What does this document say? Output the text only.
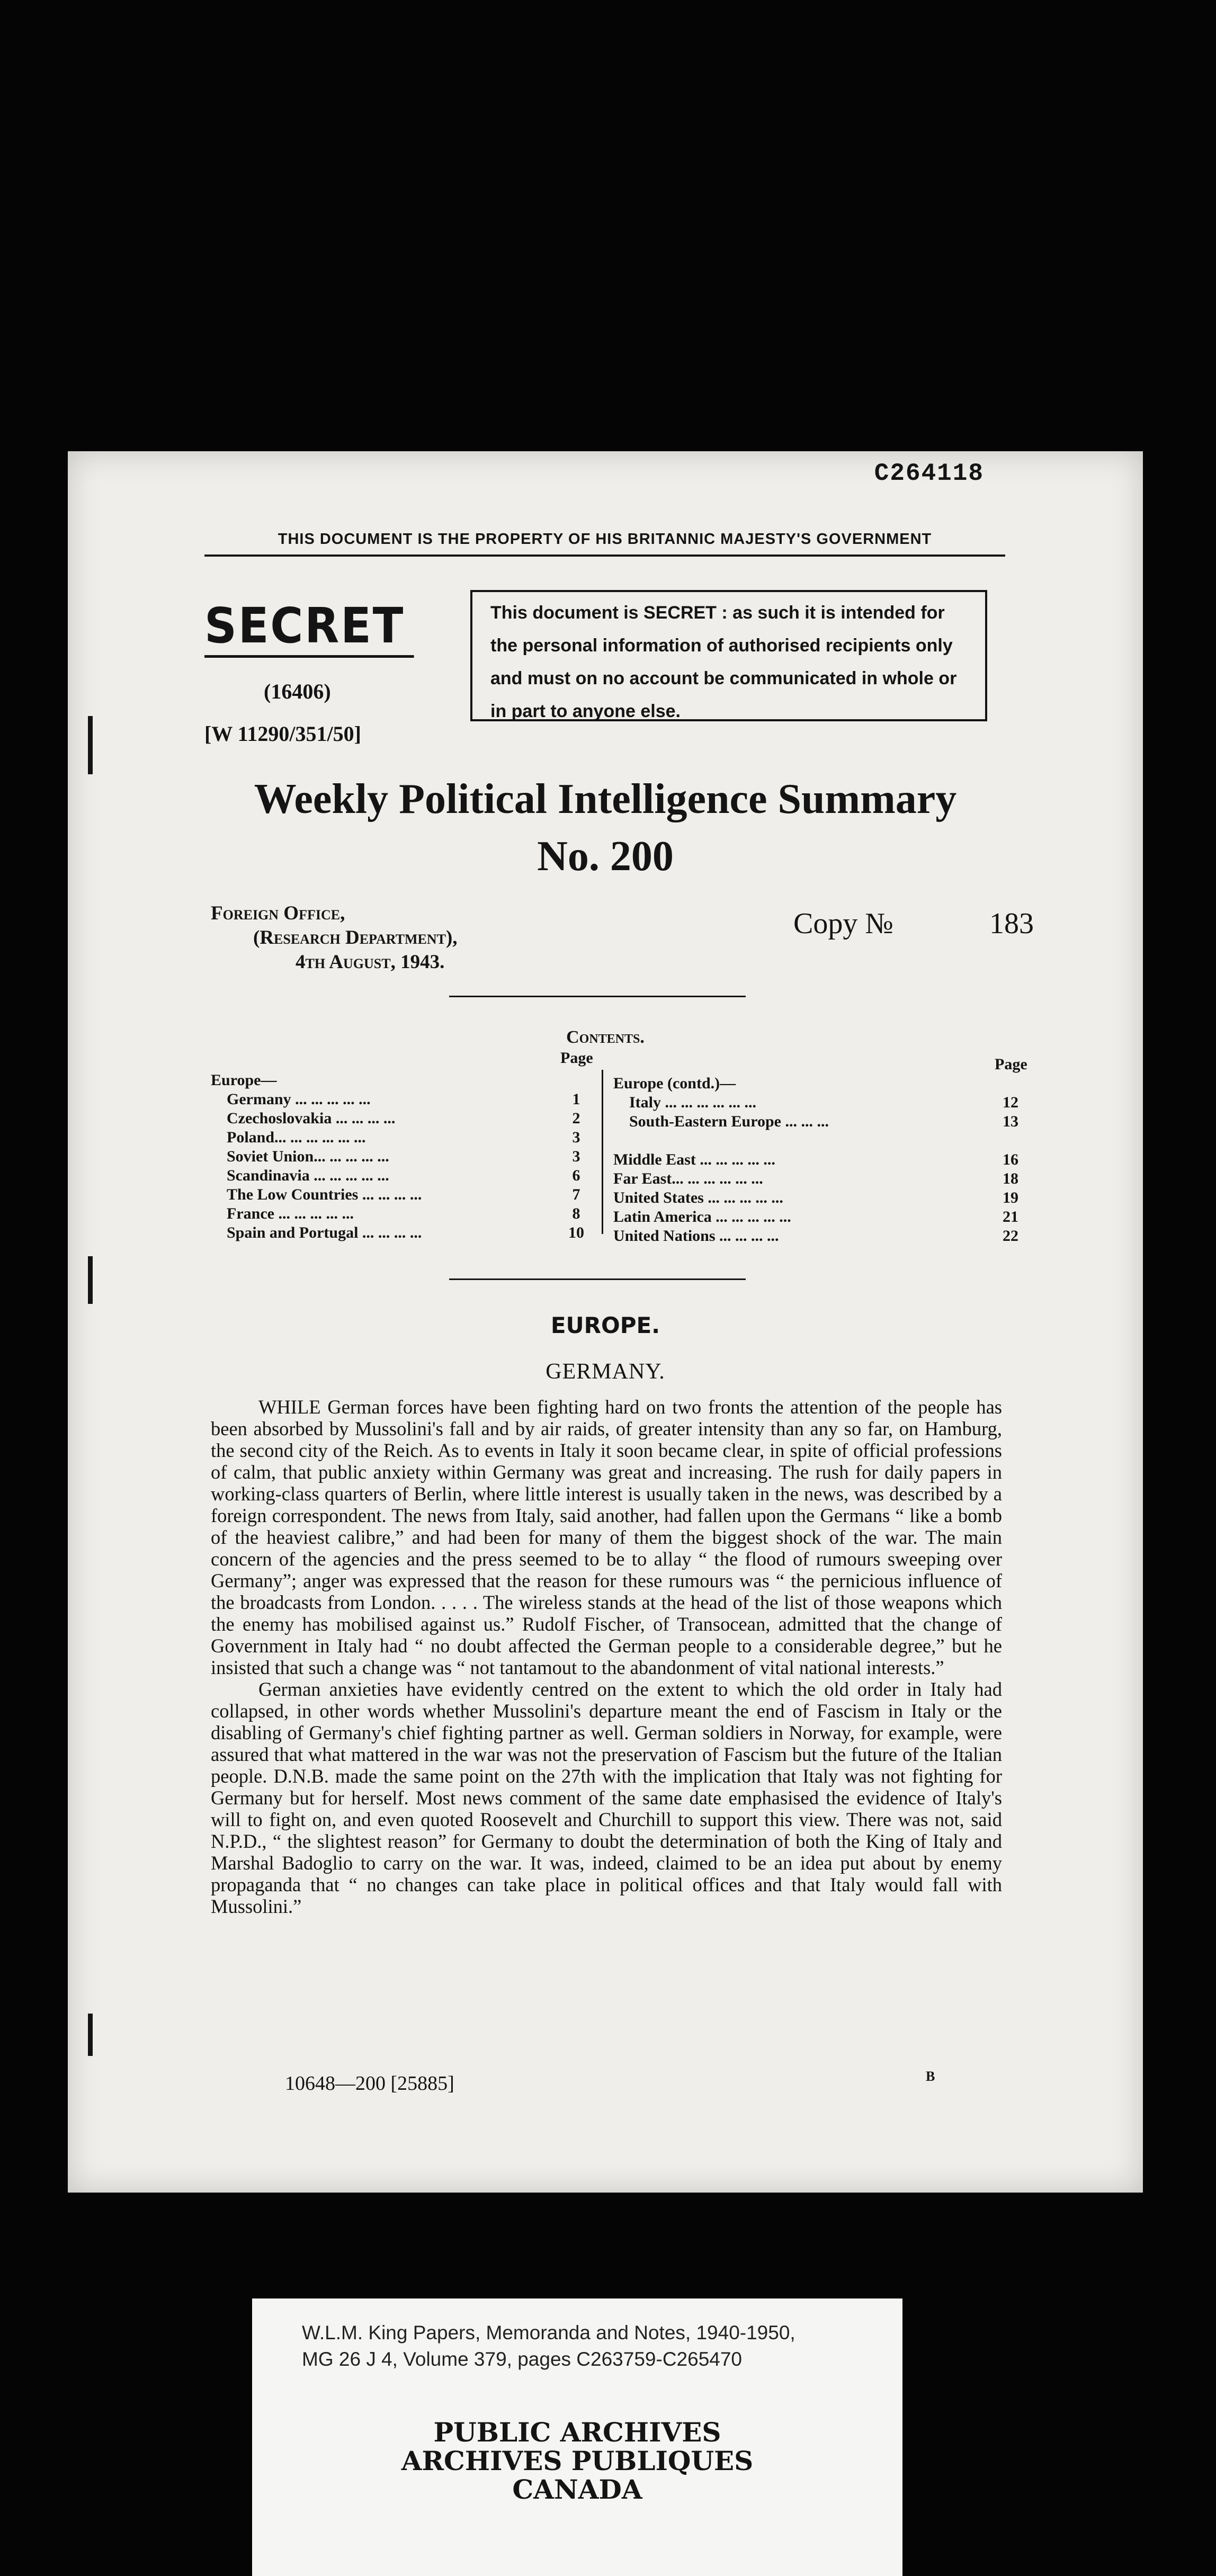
C264118
THIS DOCUMENT IS THE PROPERTY OF HIS BRITANNIC MAJESTY'S GOVERNMENT
SECRET
(16406)
[W 11290/351/50]
This document is SECRET : as such it is intended for the personal information of authorised recipients only and must on no account be communicated in whole or in part to anyone else.
Weekly Political Intelligence Summary
No. 200
Foreign Office,
(Research Department),
4th August, 1943.
Copy №	183
Contents.
Page
Europe—
Germany ... ... ... ... ...	1
Czechoslovakia ... ... ... ...	2
Poland... ... ... ... ... ...	3
Soviet Union... ... ... ... ...	3
Scandinavia ... ... ... ... ...	6
The Low Countries ... ... ... ...	7
France ... ... ... ... ...	8
Spain and Portugal ... ... ... ...	10
Page
Europe (contd.)—
Italy ... ... ... ... ... ...	12
South-Eastern Europe ... ... ...	13
Middle East ... ... ... ... ...	16
Far East... ... ... ... ... ...	18
United States ... ... ... ... ...	19
Latin America ... ... ... ... ...	21
United Nations ... ... ... ...	22
EUROPE.
GERMANY.

WHILE German forces have been fighting hard on two fronts the attention of the people has been absorbed by Mussolini's fall and by air raids, of greater intensity than any so far, on Hamburg, the second city of the Reich. As to events in Italy it soon became clear, in spite of official professions of calm, that public anxiety within Germany was great and increasing. The rush for daily papers in working-class quarters of Berlin, where little interest is usually taken in the news, was described by a foreign correspondent. The news from Italy, said another, had fallen upon the Germans “ like a bomb of the heaviest calibre,” and had been for many of them the biggest shock of the war. The main concern of the agencies and the press seemed to be to allay “ the flood of rumours sweeping over Germany”; anger was expressed that the reason for these rumours was “ the pernicious influence of the broadcasts from London. . . . . The wireless stands at the head of the list of those weapons which the enemy has mobilised against us.” Rudolf Fischer, of Transocean, admitted that the change of Government in Italy had “ no doubt affected the German people to a considerable degree,” but he insisted that such a change was “ not tantamout to the abandonment of vital national interests.”

German anxieties have evidently centred on the extent to which the old order in Italy had collapsed, in other words whether Mussolini's departure meant the end of Fascism in Italy or the disabling of Germany's chief fighting partner as well. German soldiers in Norway, for example, were assured that what mattered in the war was not the preservation of Fascism but the future of the Italian people. D.N.B. made the same point on the 27th with the implication that Italy was not fighting for Germany but for herself. Most news comment of the same date emphasised the evidence of Italy's will to fight on, and even quoted Roosevelt and Churchill to support this view. There was not, said N.P.D., “ the slightest reason” for Germany to doubt the determination of both the King of Italy and Marshal Badoglio to carry on the war. It was, indeed, claimed to be an idea put about by enemy propaganda that “ no changes can take place in political offices and that Italy would fall with Mussolini.”

10648—200 [25885]	B
W.L.M. King Papers, Memoranda and Notes, 1940-1950,
MG 26 J 4, Volume 379, pages C263759-C265470
PUBLIC ARCHIVES
ARCHIVES PUBLIQUES
CANADA
